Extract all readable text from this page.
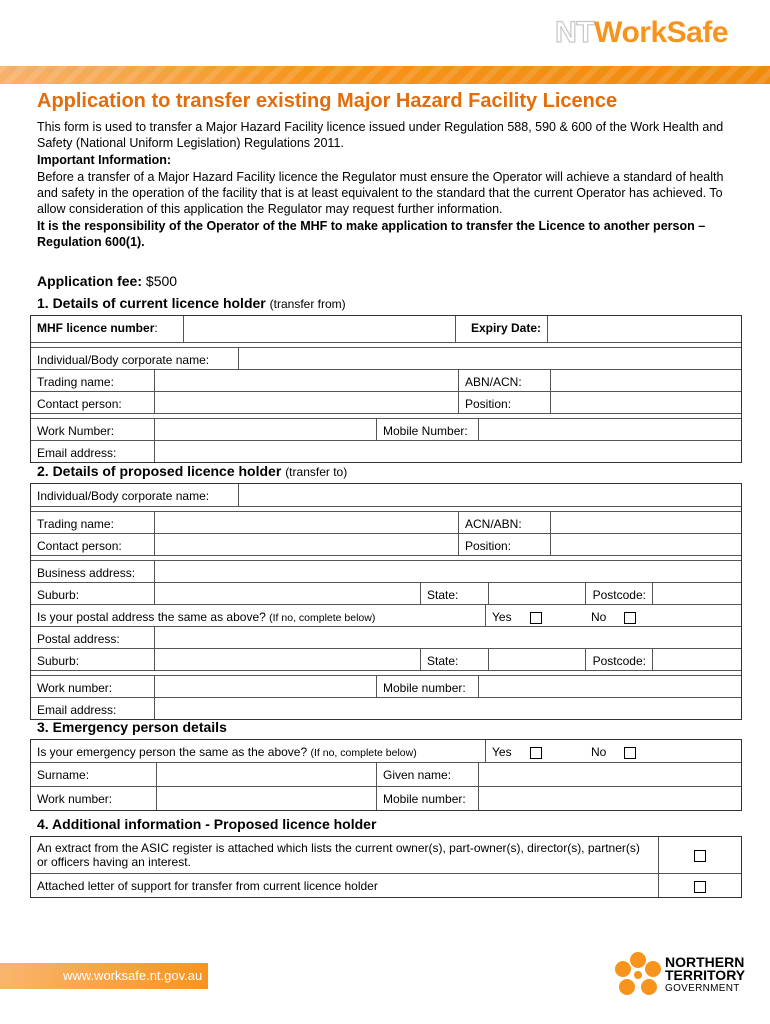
NTWorkSafe
Application to transfer existing Major Hazard Facility Licence

This form is used to transfer a Major Hazard Facility licence issued under Regulation 588, 590 & 600 of the Work Health and Safety (National Uniform Legislation) Regulations 2011.

Important Information:

Before a transfer of a Major Hazard Facility licence the Regulator must ensure the Operator will achieve a standard of health and safety in the operation of the facility that is at least equivalent to the standard that the current Operator has achieved. To allow consideration of this application the Regulator may request further information.

It is the responsibility of the Operator of the MHF to make application to transfer the Licence to another person – Regulation 600(1).

Application fee: $500
1. Details of current licence holder (transfer from)
MHF licence number:	Expiry Date:
Individual/Body corporate name:
Trading name:	ABN/ACN:
Contact person:	Position:
Work Number:	Mobile Number:
Email address:
2. Details of proposed licence holder (transfer to)
Individual/Body corporate name:
Trading name:	ACN/ABN:
Contact person:	Position:
Business address:
Suburb:	State:	Postcode:
Is your postal address the same as above? (If no, complete below)	Yes	No
Postal address:
Suburb:	State:	Postcode:
Work number:	Mobile number:
Email address:
3. Emergency person details
Is your emergency person the same as the above? (If no, complete below)	Yes	No
Surname:	Given name:
Work number:	Mobile number:
4. Additional information - Proposed licence holder
An extract from the ASIC register is attached which lists the current owner(s), part-owner(s), director(s), partner(s) or officers having an interest.
Attached letter of support for transfer from current licence holder
www.worksafe.nt.gov.au
NORTHERN
TERRITORY
GOVERNMENT
